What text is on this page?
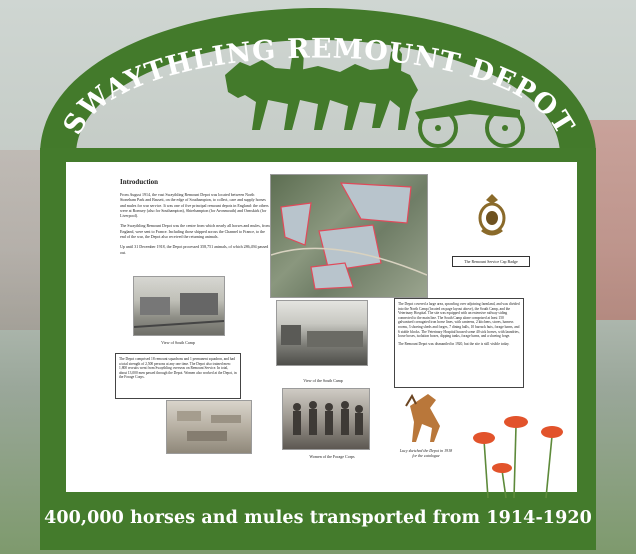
SWAYTHLING REMOUNT DEPOT
Introduction

From August 1914, the vast Swaythling Remount Depot was located between North Stoneham Park and Bassett, on the edge of Southampton, to collect, care and supply horses and mules for war service. It was one of five principal remount depots in England: the others were at Romsey (also for Southampton), Shirehampton (for Avonmouth) and Ormskirk (for Liverpool).

The Swaythling Remount Depot was the centre from which nearly all horses and mules, from England, were sent to France. Including those shipped across the Channel to France, to the end of the war, the Depot also received the returning animals.

Up until 31 December 1918, the Depot processed 358,751 animals, of which 286,494 passed out.

The Remount Service Cap Badge
View of South Camp
View of the South Camp

The Depot covered a large area, sprawling over adjoining farmland, and was divided into the North Camp (located on page layout above), the South Camp, and the Veterinary Hospital. The site was equipped with an extensive railway siding connected to the main line. The South Camp alone comprised at least 150 galvanised corrugated iron horse lines, with canteens, 2 kitchens, stores, harness rooms, 3 shoeing sheds and forges, 7 dining halls, 10 barrack huts, forage barns, and 6 stable blocks. The Veterinary Hospital housed some 40 sick horses, with laundries, loose boxes, isolation boxes, dipping tanks, forage barns, and a shoeing forge.

The Remount Depot was dismantled in 1920, but the site is still visible today.

The Depot comprised 18 remount squadrons and 1 permanent squadron, and had a total strength of 2,500 persons at any one time. The Depot also trained men: 1,800 recruits went from Swaythling overseas on Remount Service. In total, about 13,000 men passed through the Depot. Women also worked at the Depot, in the Forage Corps.

Women of the Forage Corps
Lucy sketched the Depot in 1918 for the catalogue
400,000 horses and mules transported from 1914-1920
